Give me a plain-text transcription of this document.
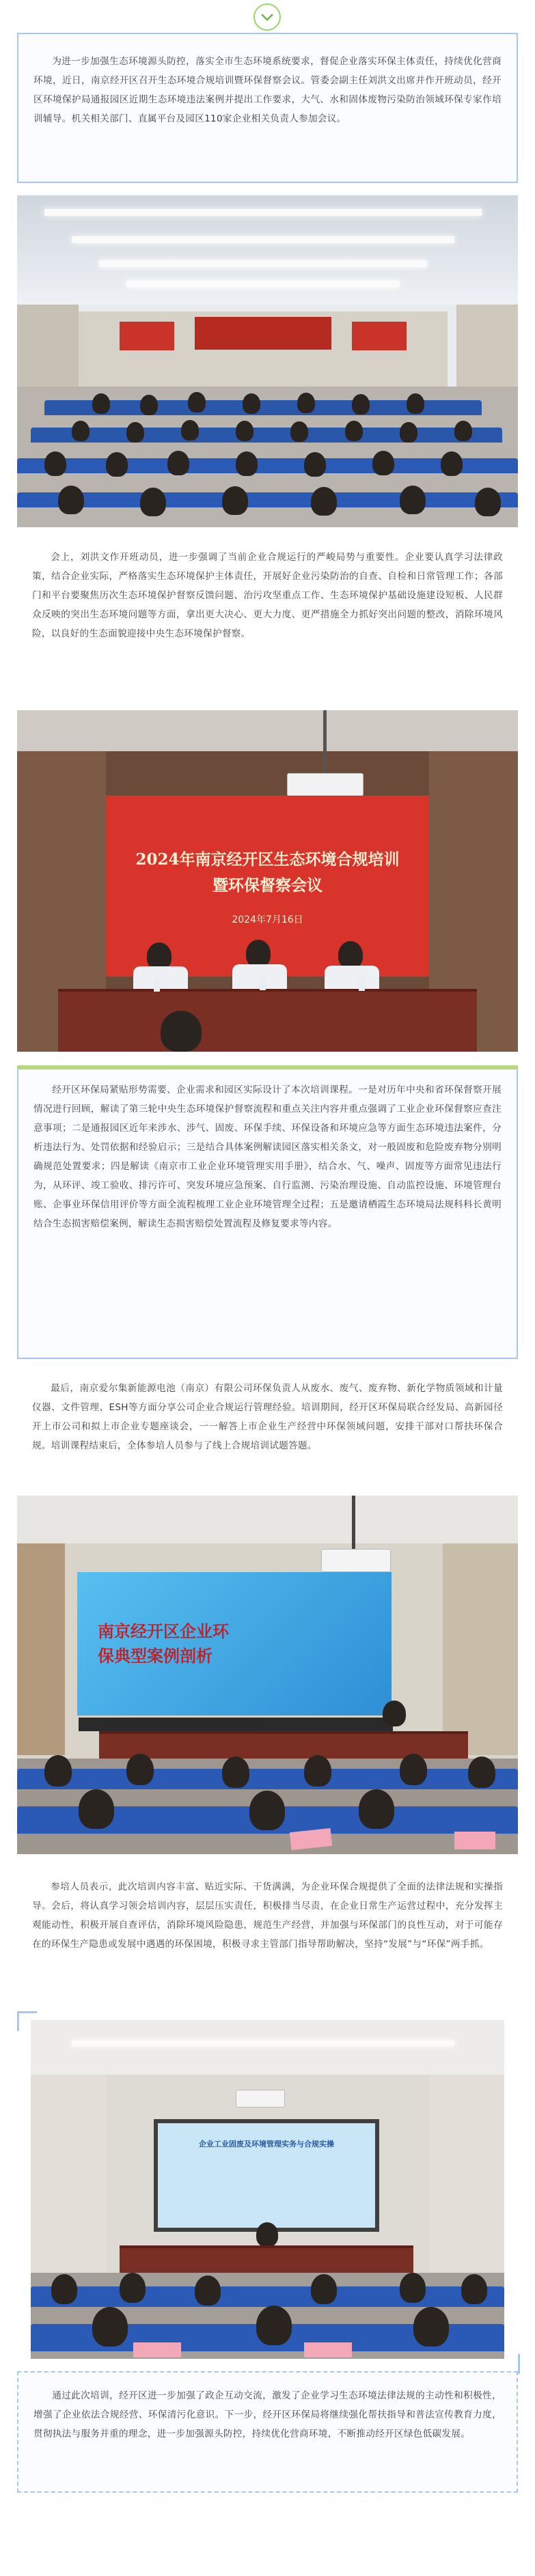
为进一步加强生态环境源头防控，落实全市生态环境系统要求，督促企业落实环保主体责任，持续优化营商环境，近日，南京经开区召开生态环境合规培训暨环保督察会议。管委会副主任刘洪文出席并作开班动员，经开区环境保护局通报园区近期生态环境违法案例并提出工作要求，大气、水和固体废物污染防治领域环保专家作培训辅导。机关相关部门、直属平台及园区110家企业相关负责人参加会议。

会上，刘洪文作开班动员，进一步强调了当前企业合规运行的严峻局势与重要性。企业要认真学习法律政策，结合企业实际，严格落实生态环境保护主体责任，开展好企业污染防治的自查、自检和日常管理工作；各部门和平台要聚焦历次生态环境保护督察反馈问题、治污攻坚重点工作、生态环境保护基础设施建设短板、人民群众反映的突出生态环境问题等方面，拿出更大决心、更大力度、更严措施全力抓好突出问题的整改，消除环境风险，以良好的生态面貌迎接中央生态环境保护督察。

2024年南京经开区生态环境合规培训
暨环保督察会议
2024年7月16日

经开区环保局紧贴形势需要、企业需求和园区实际设计了本次培训课程。一是对历年中央和省环保督察开展情况进行回顾，解读了第三轮中央生态环境保护督察流程和重点关注内容并重点强调了工业企业环保督察应查注意事项；二是通报园区近年来涉水、涉气、固废、环保手续、环保设备和环境应急等方面生态环境违法案件，分析违法行为、处罚依据和经验启示；三是结合具体案例解读园区落实相关条文，对一般固废和危险废弃物分别明确规范处置要求；四是解读《南京市工业企业环境管理实用手册》，结合水、气、噪声、固废等方面常见违法行为，从环评、竣工验收、排污许可、突发环境应急预案、自行监测、污染治理设施、自动监控设施、环境管理台账、企事业环保信用评价等方面全流程梳理工业企业环境管理全过程；五是邀请栖霞生态环境局法规科科长黄明结合生态损害赔偿案例，解读生态损害赔偿处置流程及修复要求等内容。

最后，南京爱尔集新能源电池（南京）有限公司环保负责人从废水、废气、废弃物、新化学物质领域和计量仪器、文件管理、ESH等方面分享公司企业合规运行管理经验。培训期间，经开区环保局联合经发局、高新园径开上市公司和拟上市企业专题座谈会，一一解答上市企业生产经营中环保领域问题，安排干部对口帮扶环保合规。培训课程结束后，全体参培人员参与了线上合规培训试题答题。

南京经开区企业环
保典型案例剖析

参培人员表示，此次培训内容丰富、贴近实际、干货满满，为企业环保合规提供了全面的法律法规和实操指导。会后，将认真学习领会培训内容，层层压实责任，积极排当尽责，在企业日常生产运营过程中，充分发挥主观能动性，积极开展自查评估，消除环境风险隐患，规范生产经营，并加强与环保部门的良性互动，对于可能存在的环保生产隐患或发展中遇遇的环保困境，积极寻求主管部门指导帮助解决，坚持“发展”与“环保”两手抓。

企业工业固废及环境管理实务与合规实操

通过此次培训，经开区进一步加强了政企互动交流，激发了企业学习生态环境法律法规的主动性和积极性，增强了企业依法合规经营、环保清污化意识。下一步，经开区环保局将继续强化帮扶指导和普法宣传教育力度，贯彻执法与服务并重的理念，进一步加强源头防控，持续优化营商环境，不断推动经开区绿色低碳发展。
